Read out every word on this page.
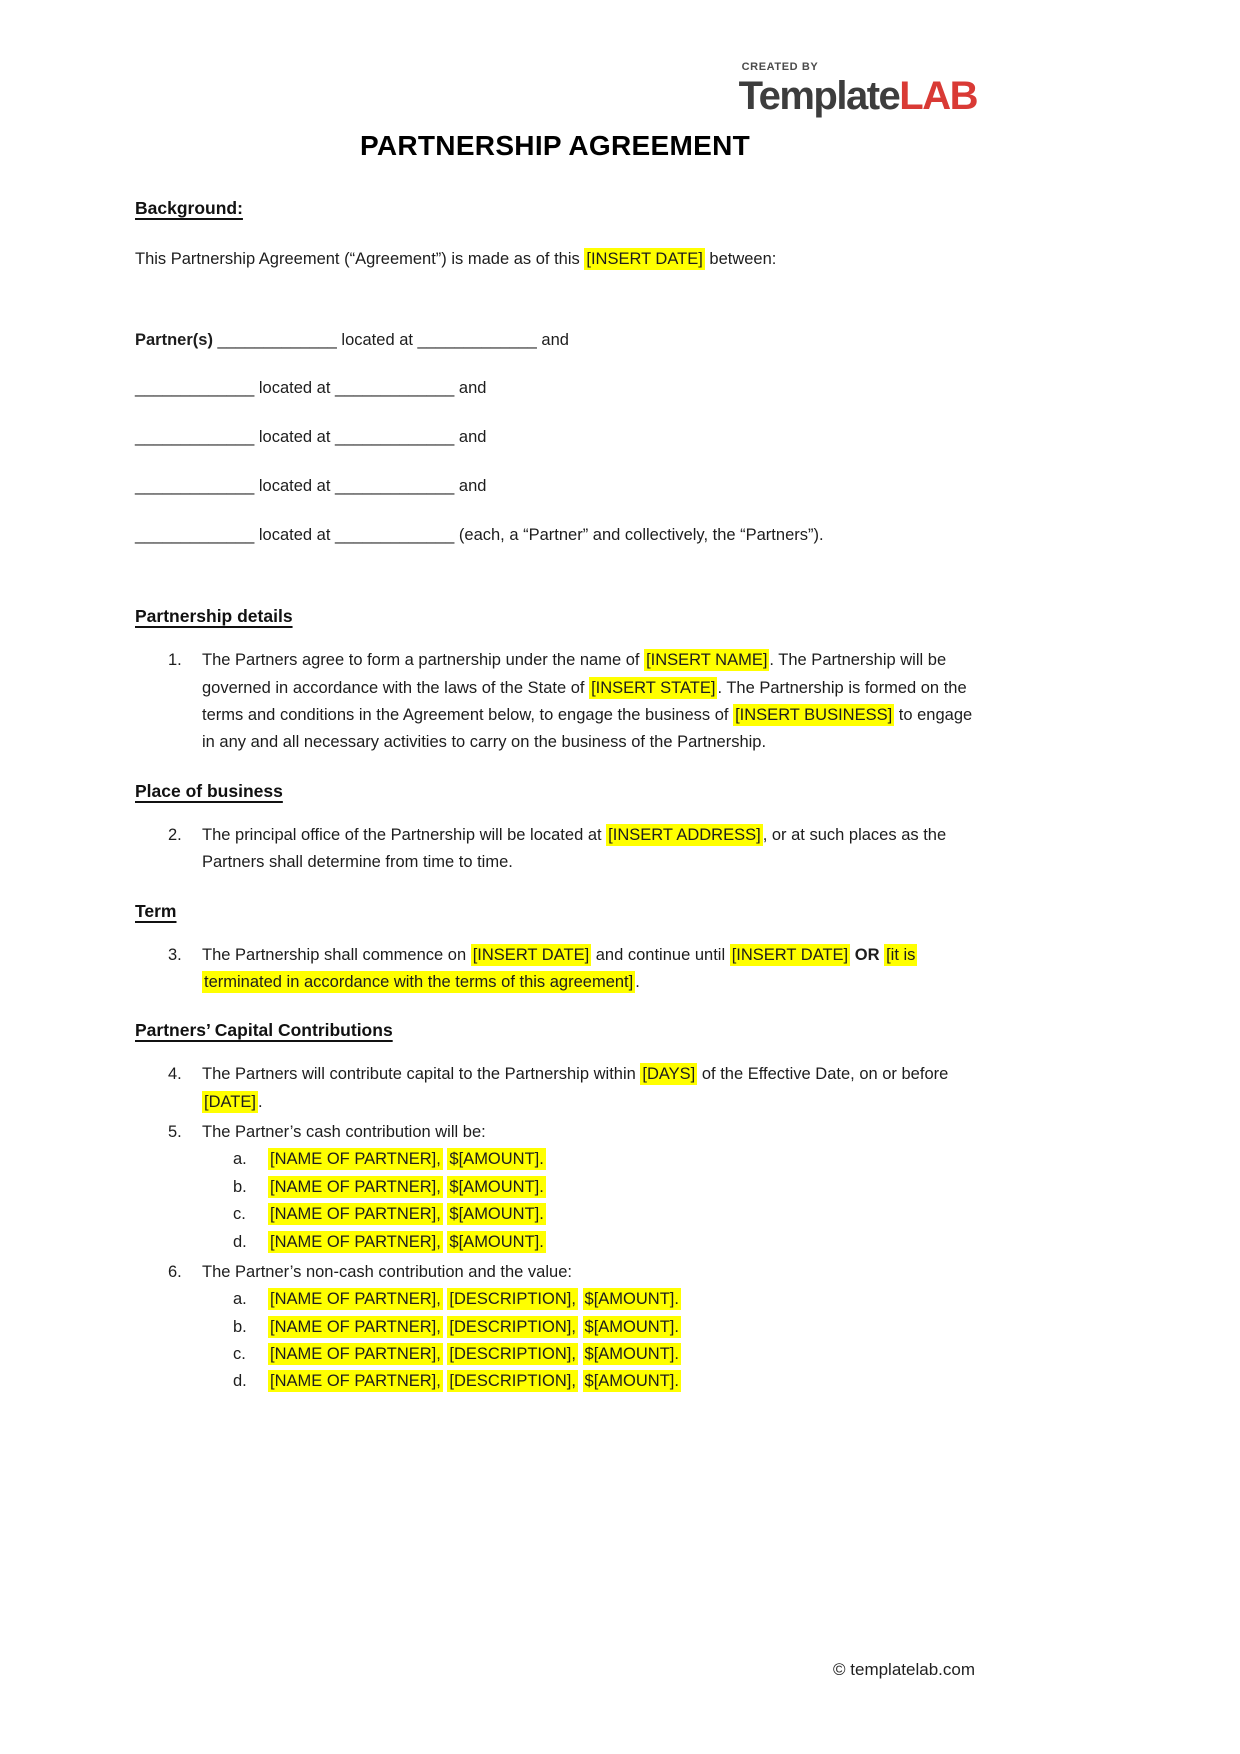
CREATED BY
TemplateLAB
PARTNERSHIP AGREEMENT
Background:

This Partnership Agreement (“Agreement”) is made as of this [INSERT DATE] between:

Partner(s) _____________ located at _____________ and

_____________ located at _____________ and

_____________ located at _____________ and

_____________ located at _____________ and

_____________ located at _____________ (each, a “Partner” and collectively, the “Partners”).

Partnership details
1.	The Partners agree to form a partnership under the name of [INSERT NAME] . The Partnership will be governed in accordance with the laws of the State of [INSERT STATE] . The Partnership is formed on the terms and conditions in the Agreement below, to engage the business of [INSERT BUSINESS] to engage in any and all necessary activities to carry on the business of the Partnership.
Place of business
2.	The principal office of the Partnership will be located at [INSERT ADDRESS] , or at such places as the Partners shall determine from time to time.
Term
3.	The Partnership shall commence on [INSERT DATE] and continue until [INSERT DATE] OR [it is terminated in accordance with the terms of this agreement] .
Partners’ Capital Contributions
4.	The Partners will contribute capital to the Partnership within [DAYS] of the Effective Date, on or before [DATE] .
5.	The Partner’s cash contribution will be:
a.	[NAME OF PARTNER], $[AMOUNT].
b.	[NAME OF PARTNER], $[AMOUNT].
c.	[NAME OF PARTNER], $[AMOUNT].
d.	[NAME OF PARTNER], $[AMOUNT].
6.	The Partner’s non-cash contribution and the value:
a.	[NAME OF PARTNER], [DESCRIPTION], $[AMOUNT].
b.	[NAME OF PARTNER], [DESCRIPTION], $[AMOUNT].
c.	[NAME OF PARTNER], [DESCRIPTION], $[AMOUNT].
d.	[NAME OF PARTNER], [DESCRIPTION], $[AMOUNT].
© templatelab.com
